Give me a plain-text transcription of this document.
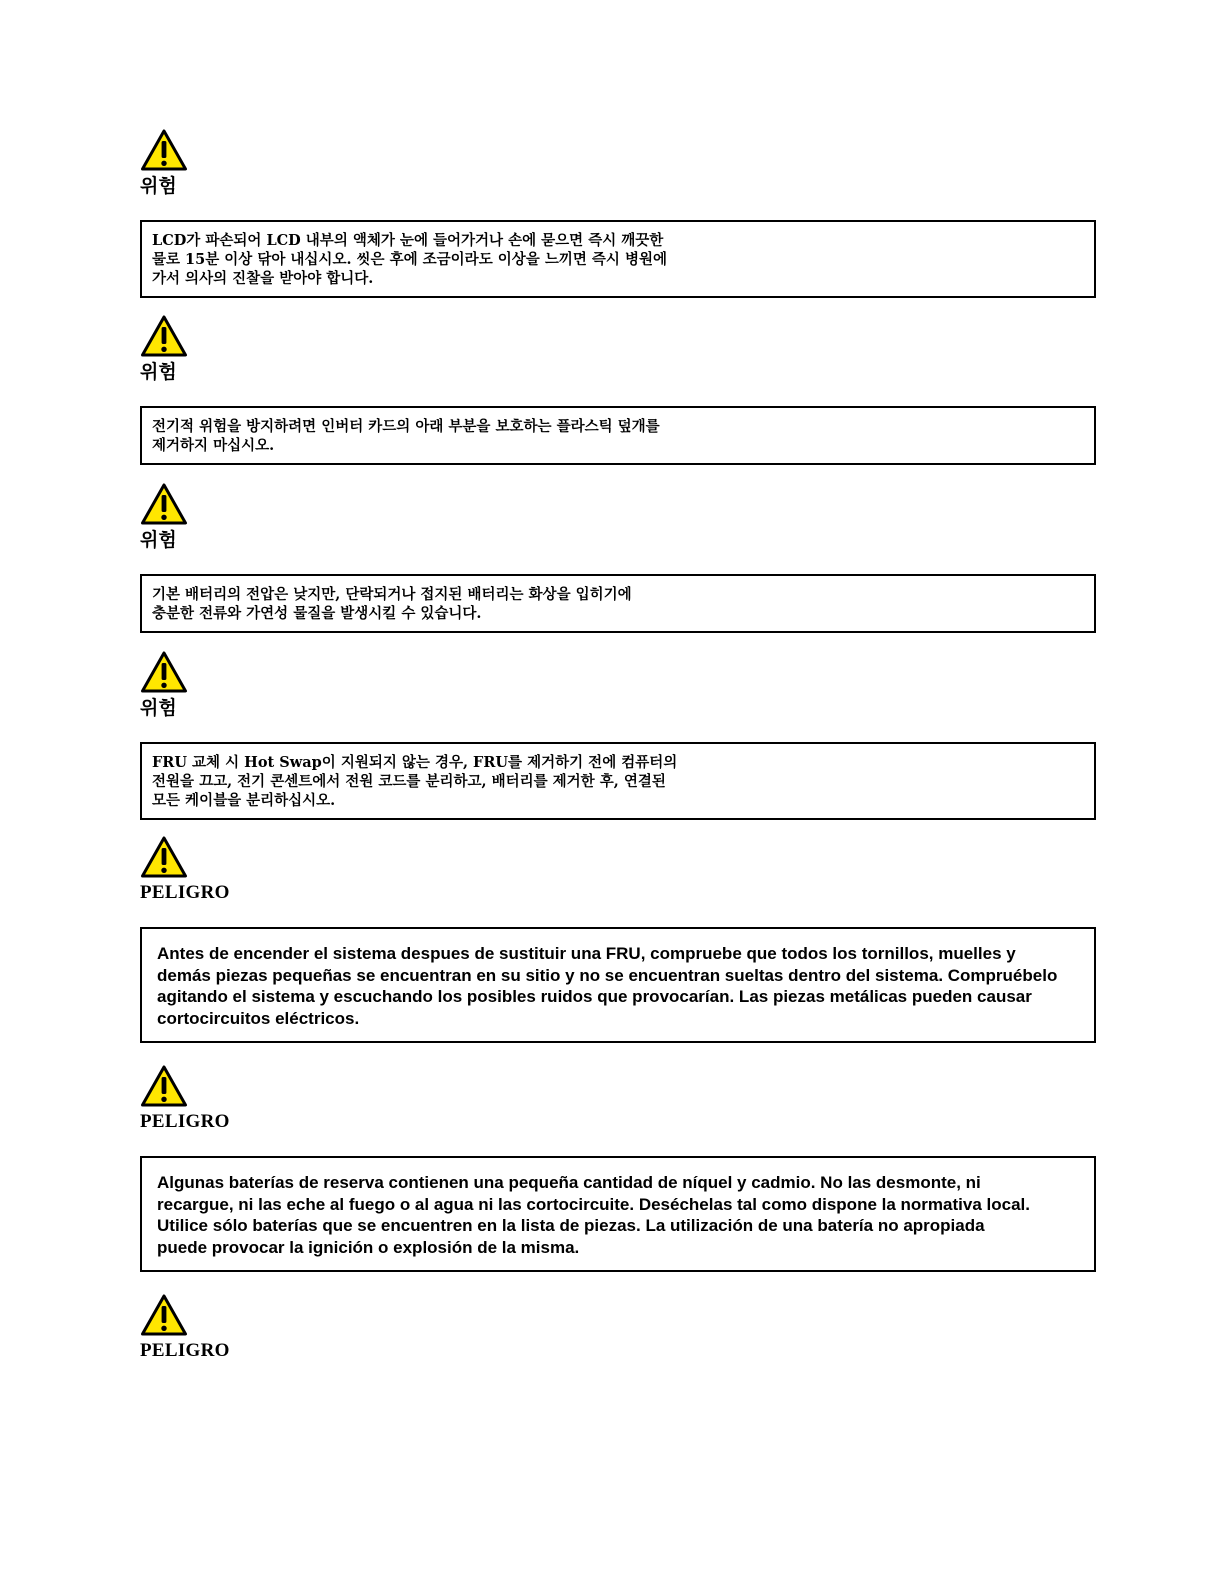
위험

LCD가 파손되어 LCD 내부의 액체가 눈에 들어가거나 손에 묻으면 즉시 깨끗한
물로 15분 이상 닦아 내십시오. 씻은 후에 조금이라도 이상을 느끼면 즉시 병원에
가서 의사의 진찰을 받아야 합니다.

위험

전기적 위험을 방지하려면 인버터 카드의 아래 부분을 보호하는 플라스틱 덮개를
제거하지 마십시오.

위험

기본 배터리의 전압은 낮지만, 단락되거나 접지된 배터리는 화상을 입히기에
충분한 전류와 가연성 물질을 발생시킬 수 있습니다.

위험

FRU 교체 시 Hot Swap이 지원되지 않는 경우, FRU를 제거하기 전에 컴퓨터의
전원을 끄고, 전기 콘센트에서 전원 코드를 분리하고, 배터리를 제거한 후, 연결된
모든 케이블을 분리하십시오.

PELIGRO

Antes de encender el sistema despues de sustituir una FRU, compruebe que todos los tornillos, muelles y
demás piezas pequeñas se encuentran en su sitio y no se encuentran sueltas dentro del sistema. Compruébelo
agitando el sistema y escuchando los posibles ruidos que provocarían. Las piezas metálicas pueden causar
cortocircuitos eléctricos.

PELIGRO

Algunas baterías de reserva contienen una pequeña cantidad de níquel y cadmio. No las desmonte, ni
recargue, ni las eche al fuego o al agua ni las cortocircuite. Deséchelas tal como dispone la normativa local.
Utilice sólo baterías que se encuentren en la lista de piezas. La utilización de una batería no apropiada
puede provocar la ignición o explosión de la misma.

PELIGRO
